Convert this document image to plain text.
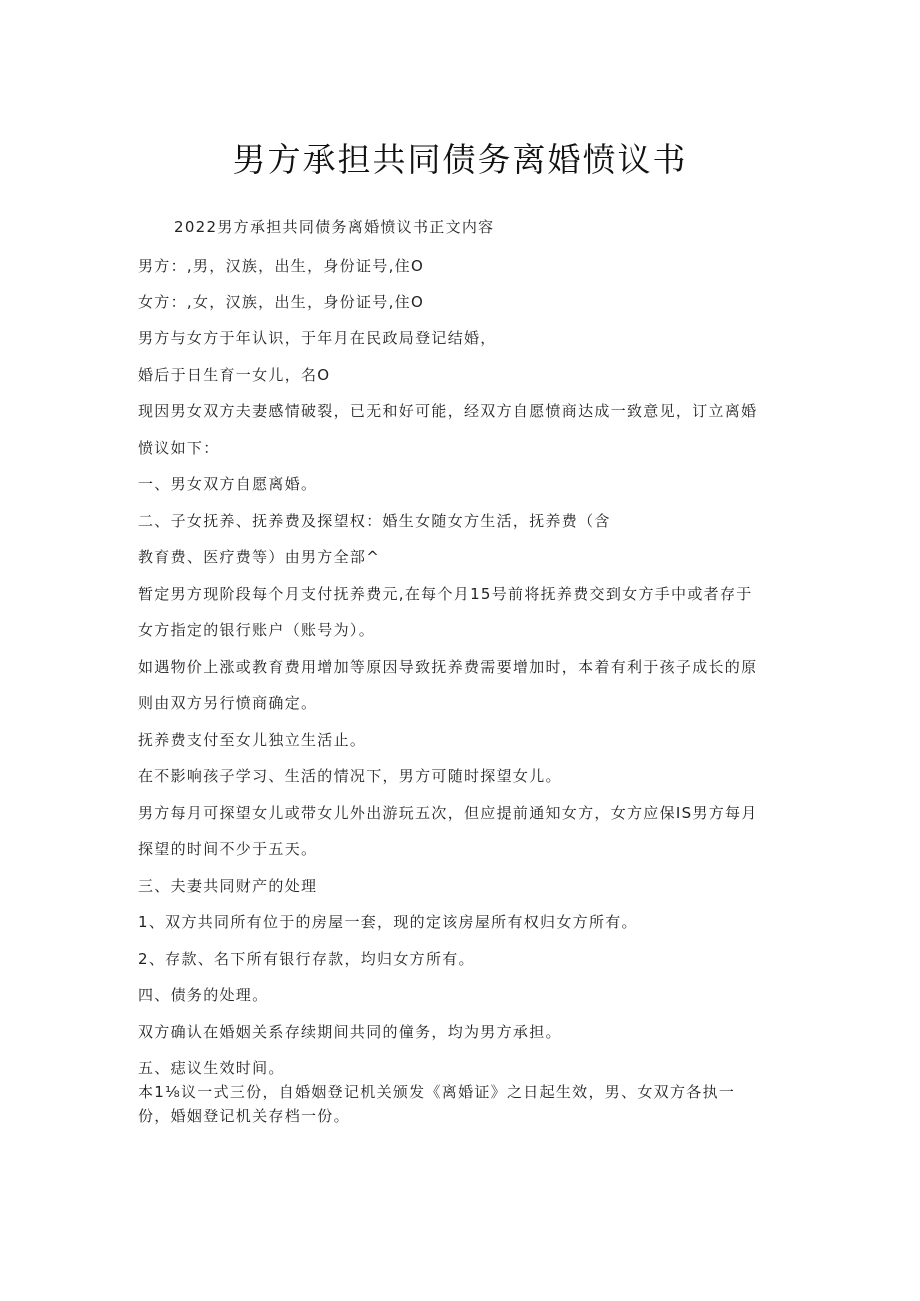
男方承担共同债务离婚愤议书
2022男方承担共同债务离婚愤议书正文内容
男方：,男，汉族，出生，身份证号,住O
女方：,女，汉族，出生，身份证号,住O
男方与女方于年认识，于年月在民政局登记结婚，
婚后于日生育一女儿，名O
现因男女双方夫妻感情破裂，已无和好可能，经双方自愿愤商达成一致意见，订立离婚
愤议如下：
一、男女双方自愿离婚。
二、子女抚养、抚养费及探望权：婚生女随女方生活，抚养费（含
教育费、医疗费等）由男方全部^
暂定男方现阶段每个月支付抚养费元,在每个月15号前将抚养费交到女方手中或者存于
女方指定的银行账户（账号为）。
如遇物价上涨或教育费用增加等原因导致抚养费需要增加时，本着有利于孩子成长的原
则由双方另行愤商确定。
抚养费支付至女儿独立生活止。
在不影响孩子学习、生活的情况下，男方可随时探望女儿。
男方每月可探望女儿或带女儿外出游玩五次，但应提前通知女方，女方应保IS男方每月
探望的时间不少于五天。
三、夫妻共同财产的处理
1、双方共同所有位于的房屋一套，现的定该房屋所有权归女方所有。
2、存款、名下所有银行存款，均归女方所有。
四、债务的处理。
双方确认在婚姻关系存续期间共同的僮务，均为男方承担。
五、痣议生效时间。
本1⅛议一式三份，自婚姻登记机关颁发《离婚证》之日起生效，男、女双方各执一
份，婚姻登记机关存档一份。
